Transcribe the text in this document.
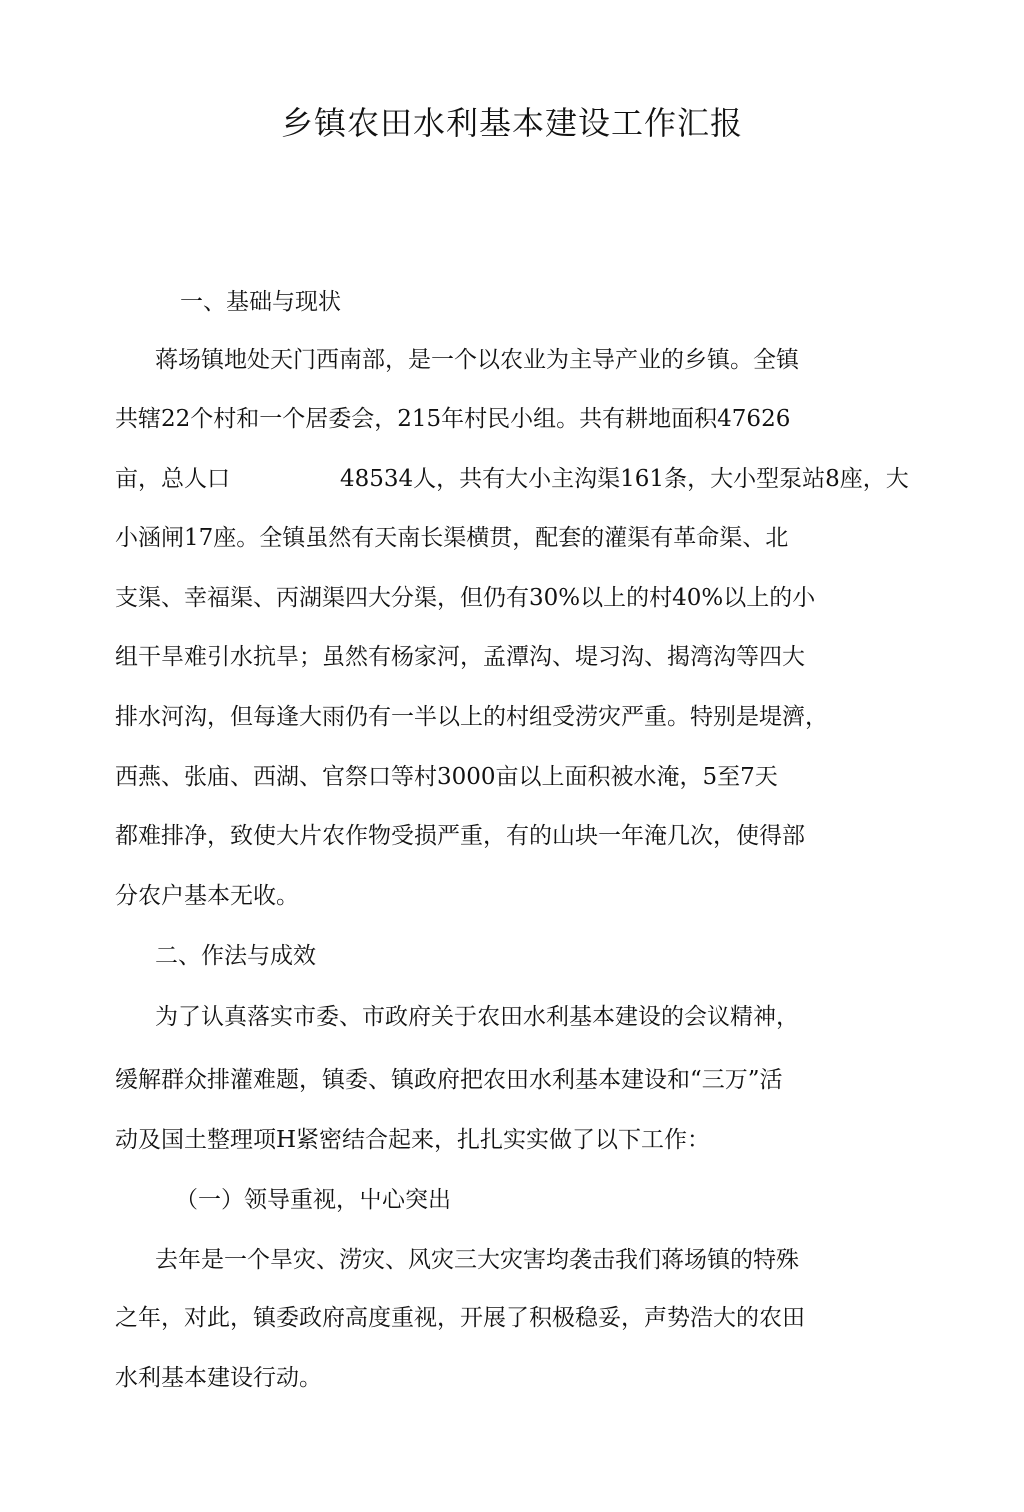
乡镇农田水利基本建设工作汇报
一、基础与现状
蒋场镇地处天门西南部，是一个以农业为主导产业的乡镇。全镇
共辖22个村和一个居委会，215年村民小组。共有耕地面积47626
亩，总人口	48534人，共有大小主沟渠161条，大小型泵站8座，大
小涵闸17座。全镇虽然有天南长渠横贯，配套的灌渠有革命渠、北
支渠、幸福渠、丙湖渠四大分渠，但仍有30%以上的村40%以上的小
组干旱难引水抗旱；虽然有杨家河，孟潭沟、堤习沟、揭湾沟等四大
排水河沟，但每逢大雨仍有一半以上的村组受涝灾严重。特别是堤濟，
西燕、张庙、西湖、官祭口等村3000亩以上面积被水淹，5至7天
都难排净，致使大片农作物受损严重，有的山块一年淹几次，使得部
分农户基本无收。
二、作法与成效
为了认真落实市委、市政府关于农田水利基本建设的会议精神，
缓解群众排灌难题，镇委、镇政府把农田水利基本建设和“三万”活
动及国土整理项H紧密结合起来，扎扎实实做了以下工作：
（一）领导重视，屮心突出
去年是一个旱灾、涝灾、风灾三大灾害均袭击我们蒋场镇的特殊
之年，对此，镇委政府高度重视，开展了积极稳妥，声势浩大的农田
水利基本建设行动。
